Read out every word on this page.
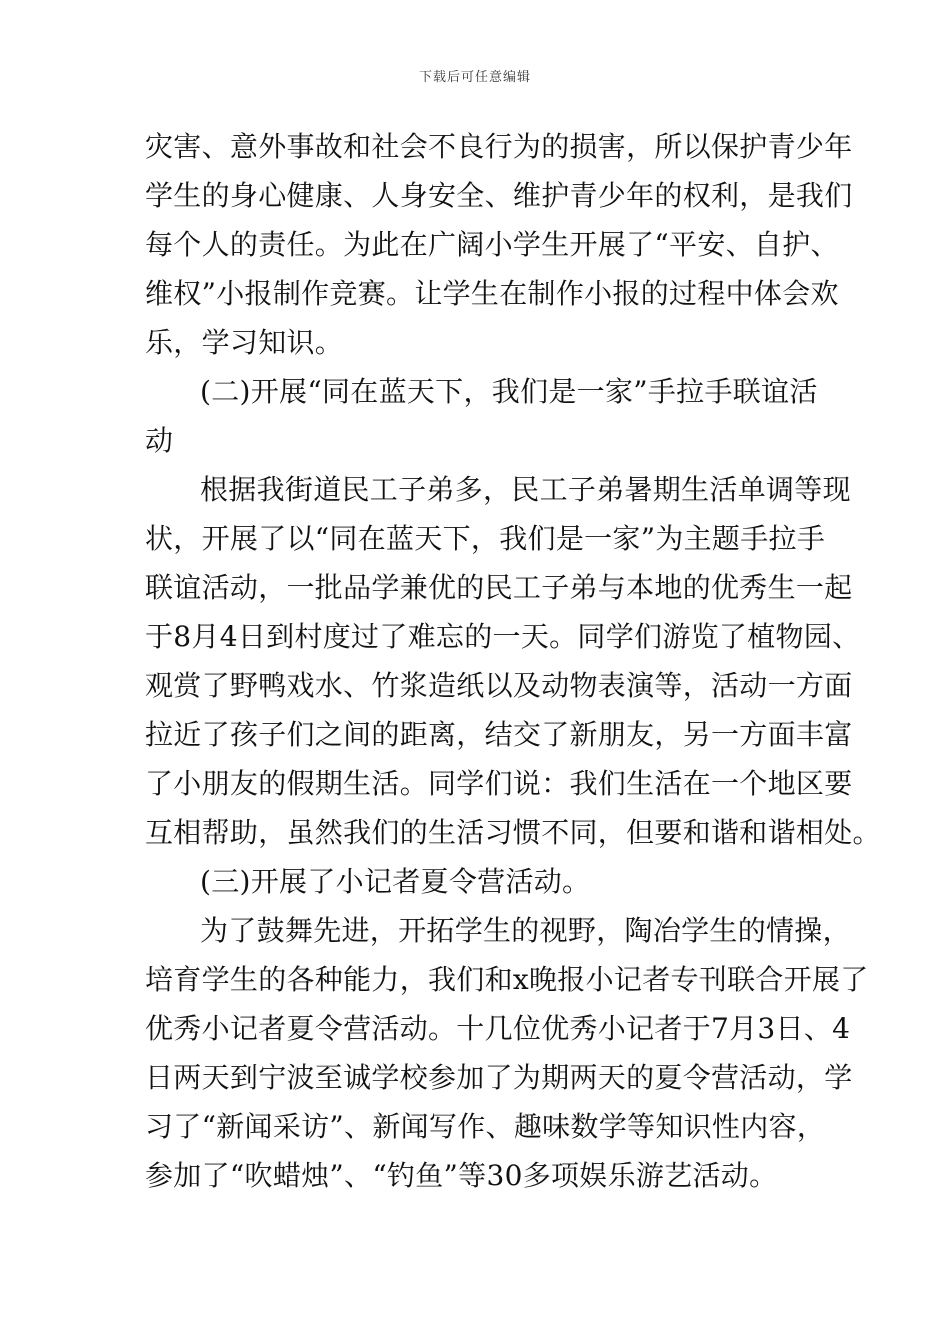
下载后可任意编辑
灾害、意外事故和社会不良行为的损害，所以保护青少年
学生的身心健康、人身安全、维护青少年的权利，是我们
每个人的责任。为此在广阔小学生开展了“平安、自护、
维权”小报制作竞赛。让学生在制作小报的过程中体会欢
乐，学习知识。
(二)开展“同在蓝天下，我们是一家”手拉手联谊活
动
根据我街道民工子弟多，民工子弟暑期生活单调等现
状，开展了以“同在蓝天下，我们是一家”为主题手拉手
联谊活动，一批品学兼优的民工子弟与本地的优秀生一起
于8月4日到村度过了难忘的一天。同学们游览了植物园、
观赏了野鸭戏水、竹浆造纸以及动物表演等，活动一方面
拉近了孩子们之间的距离，结交了新朋友，另一方面丰富
了小朋友的假期生活。同学们说：我们生活在一个地区要
互相帮助，虽然我们的生活习惯不同，但要和谐和谐相处。
(三)开展了小记者夏令营活动。
为了鼓舞先进，开拓学生的视野，陶冶学生的情操，
培育学生的各种能力，我们和x晚报小记者专刊联合开展了
优秀小记者夏令营活动。十几位优秀小记者于7月3日、4
日两天到宁波至诚学校参加了为期两天的夏令营活动，学
习了“新闻采访”、新闻写作、趣味数学等知识性内容，
参加了“吹蜡烛”、“钓鱼”等30多项娱乐游艺活动。
